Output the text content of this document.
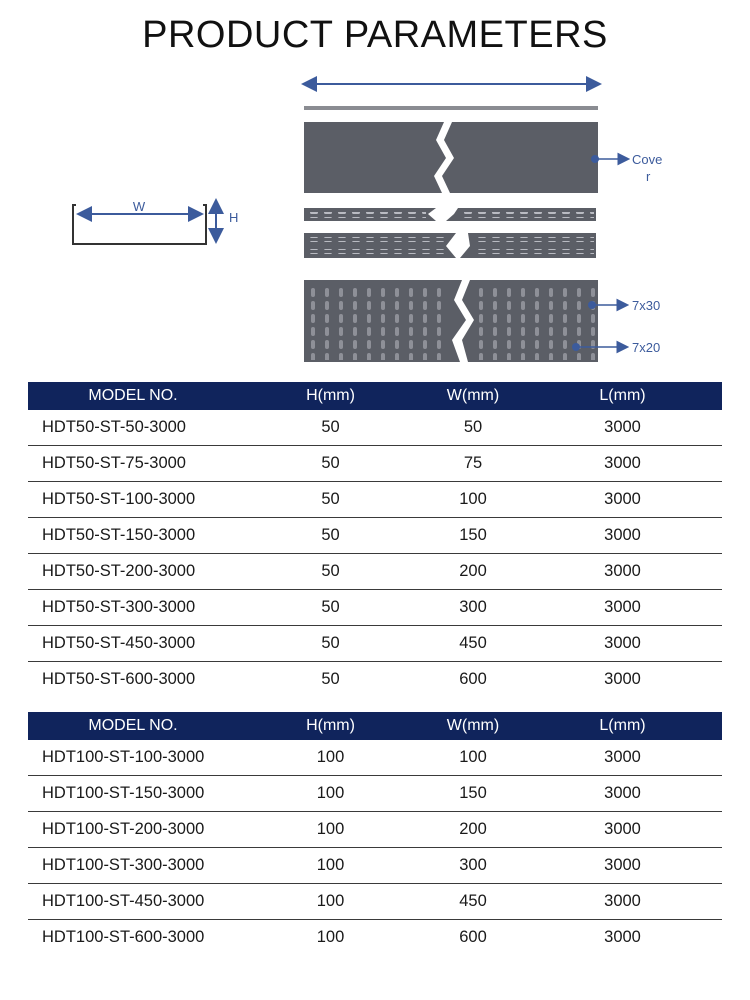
PRODUCT PARAMETERS
W
H
Cove
r
7x30
7x20
MODEL NO.	H(mm)	W(mm)	L(mm)
HDT50-ST-50-3000	50	50	3000
HDT50-ST-75-3000	50	75	3000
HDT50-ST-100-3000	50	100	3000
HDT50-ST-150-3000	50	150	3000
HDT50-ST-200-3000	50	200	3000
HDT50-ST-300-3000	50	300	3000
HDT50-ST-450-3000	50	450	3000
HDT50-ST-600-3000	50	600	3000
MODEL NO.	H(mm)	W(mm)	L(mm)
HDT100-ST-100-3000	100	100	3000
HDT100-ST-150-3000	100	150	3000
HDT100-ST-200-3000	100	200	3000
HDT100-ST-300-3000	100	300	3000
HDT100-ST-450-3000	100	450	3000
HDT100-ST-600-3000	100	600	3000
